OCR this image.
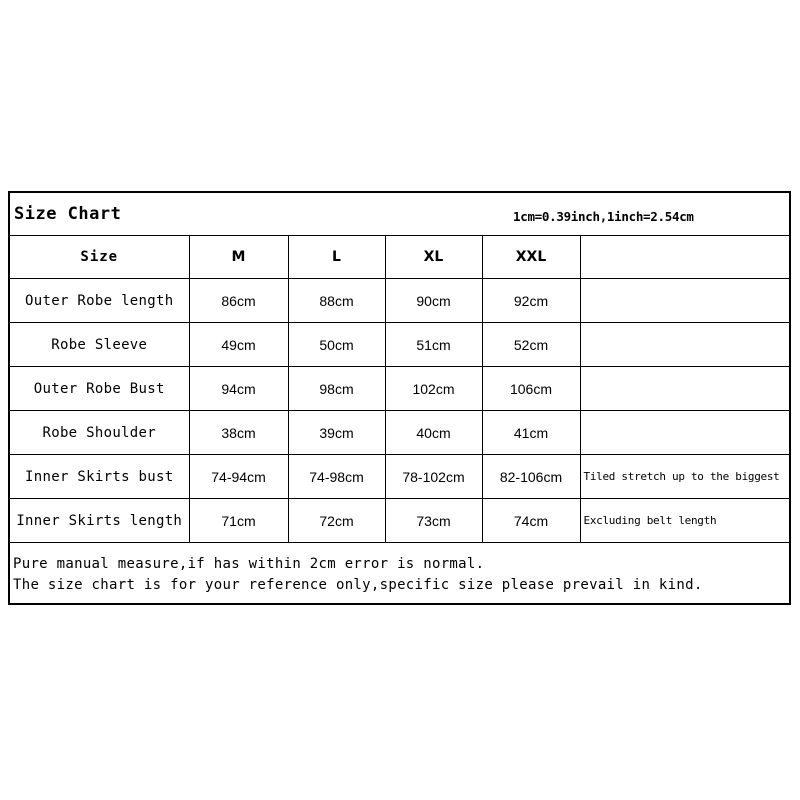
Size Chart	1cm=0.39inch,1inch=2.54cm
Size	M	L	XL	XXL	
Outer Robe length	86cm	88cm	90cm	92cm	
Robe Sleeve	49cm	50cm	51cm	52cm	
Outer Robe Bust	94cm	98cm	102cm	106cm	
Robe Shoulder	38cm	39cm	40cm	41cm	
Inner Skirts bust	74-94cm	74-98cm	78-102cm	82-106cm	Tiled stretch up to the biggest
Inner Skirts length	71cm	72cm	73cm	74cm	Excluding belt length
Pure manual measure,if has within 2cm error is normal.
The size chart is for your reference only,specific size please prevail in kind.
